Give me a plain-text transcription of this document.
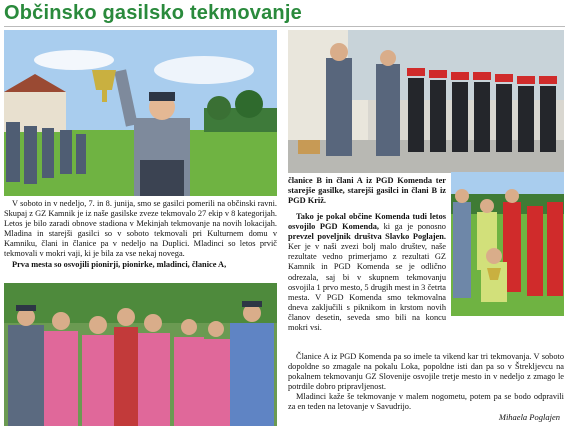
Občinsko gasilsko tekmovanje

V soboto in v nedeljo, 7. in 8. junija, smo se gasilci pomerili na občinski ravni. Skupaj z GZ Kamnik je iz naše gasilske zveze tekmovalo 27 ekip v 8 kategorijah. Letos je bilo zaradi obnove stadiona v Mekinjah tekmovanje na novih lokacijah. Mladina in starejši gasilci so v soboto tekmovali pri Kulturnem domu v Kamniku, člani in članice pa v nedeljo na Duplici. Mladinci so letos prvič tekmovali v mokri vaji, ki je bila za vse nekaj novega.

Prva mesta so osvojili pionirji, pionirke, mladinci, članice A,

članice B in člani A iz PGD Komenda ter starejše gasilke, starejši gasilci in člani B iz PGD Križ.

Tako je pokal občine Komenda tudi letos osvojilo PGD Komenda, ki ga je ponosno prevzel poveljnik društva Slavko Poglajen. Ker je v naši zvezi bolj malo društev, naše rezultate vedno primerjamo z rezultati GZ Kamnik in PGD Komenda se je odlično odrezala, saj bi v skupnem tekmovanju osvojila 1 prvo mesto, 5 drugih mest in 3 četrta mesta. V PGD Komenda smo tekmovalna dneva zaključili s piknikom in krstom novih članov desetin, seveda smo bili na koncu mokri vsi.

Članice A iz PGD Komenda pa so imele ta vikend kar tri tekmovanja. V soboto dopoldne so zmagale na pokalu Loka, popoldne isti dan pa so v Štrekljevcu na pokalnem tekmovanju GZ Slovenije osvojile tretje mesto in v nedeljo z zmago le potrdile dobro pripravljenost.

Mladinci kaže še tekmovanje v malem nogometu, potem pa se bodo odpravili za en teden na letovanje v Savudrijo.

Mihaela Poglajen
